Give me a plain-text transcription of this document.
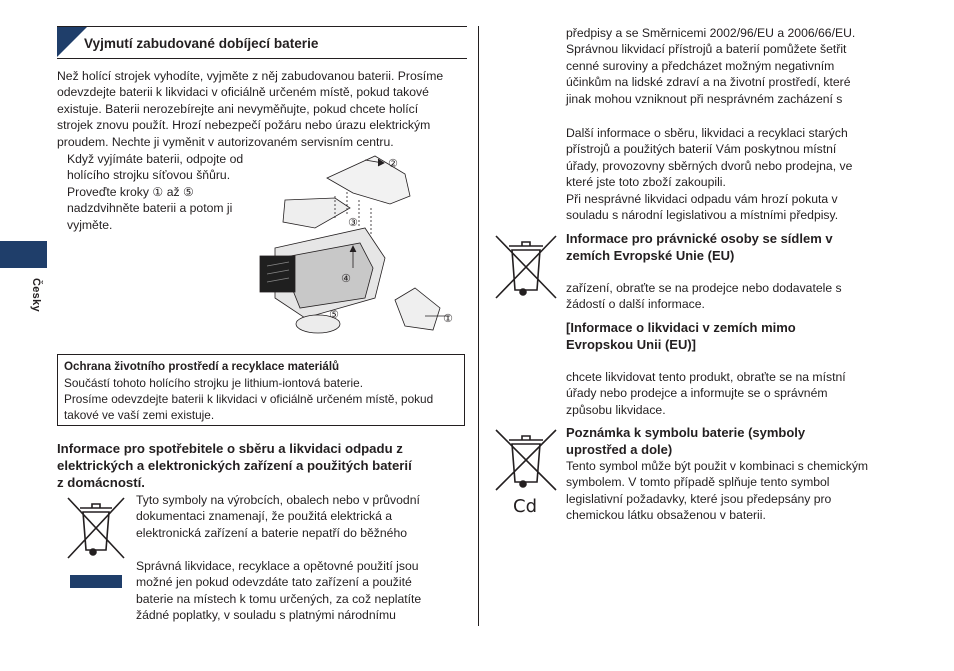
Vyjmutí zabudované dobíjecí baterie
Česky

Než holící strojek vyhodíte, vyjměte z něj zabudovanou baterii. Prosíme

odevzdejte baterii k likvidaci v oficiálně určeném místě, pokud takové

existuje. Baterii nerozebírejte ani nevyměňujte, pokud chcete holící

strojek znovu použít. Hrozí nebezpečí požáru nebo úrazu elektrickým

proudem. Nechte ji vyměnit v autorizovaném servisním centru.

Když vyjímáte baterii, odpojte od

holícího strojku síťovou šňůru.

Proveďte kroky ① až ⑤

nadzdvihněte baterii a potom ji

vyjměte.

②
③
④
⑤	①
Ochrana životního prostředí a recyklace materiálů

Součástí tohoto holícího strojku je lithium-iontová baterie.

Prosíme odevzdejte baterii k likvidaci v oficiálně určeném místě, pokud

takové ve vaší zemi existuje.

Informace pro spotřebitele o sběru a likvidaci odpadu z

elektrických a elektronických zařízení a použitých baterií

z domácností.

Tyto symboly na výrobcích, obalech nebo v průvodní

dokumentaci znamenají, že použitá elektrická a

elektronická zařízení a baterie nepatří do běžného

Správná likvidace, recyklace a opětovné použití jsou

možné jen pokud odevzdáte tato zařízení a použité

baterie na místech k tomu určených, za což neplatíte

žádné poplatky, v souladu s platnými národnímu

předpisy a se Směrnicemi 2002/96/EU a 2006/66/EU.

Správnou likvidací přístrojů a baterií pomůžete šetřit

cenné suroviny a předcházet možným negativním

účinkům na lidské zdraví a na životní prostředí, které

jinak mohou vzniknout při nesprávném zacházení s

Další informace o sběru, likvidaci a recyklaci starých

přístrojů a použitých baterií Vám poskytnou místní

úřady, provozovny sběrných dvorů nebo prodejna, ve

které jste toto zboží zakoupili.

Při nesprávné likvidaci odpadu vám hrozí pokuta v

souladu s národní legislativou a místními předpisy.

Informace pro právnické osoby se sídlem v

zemích Evropské Unie (EU)

zařízení, obraťte se na prodejce nebo dodavatele s

žádostí o další informace.

[Informace o likvidaci v zemích mimo

Evropskou Unii (EU)]

chcete likvidovat tento produkt, obraťte se na místní

úřady nebo prodejce a informujte se o správném

způsobu likvidace.

Cd

Poznámka k symbolu baterie (symboly

uprostřed a dole)

Tento symbol může být použit v kombinaci s chemickým

symbolem. V tomto případě splňuje tento symbol

legislativní požadavky, které jsou předepsány pro

chemickou látku obsaženou v baterii.
